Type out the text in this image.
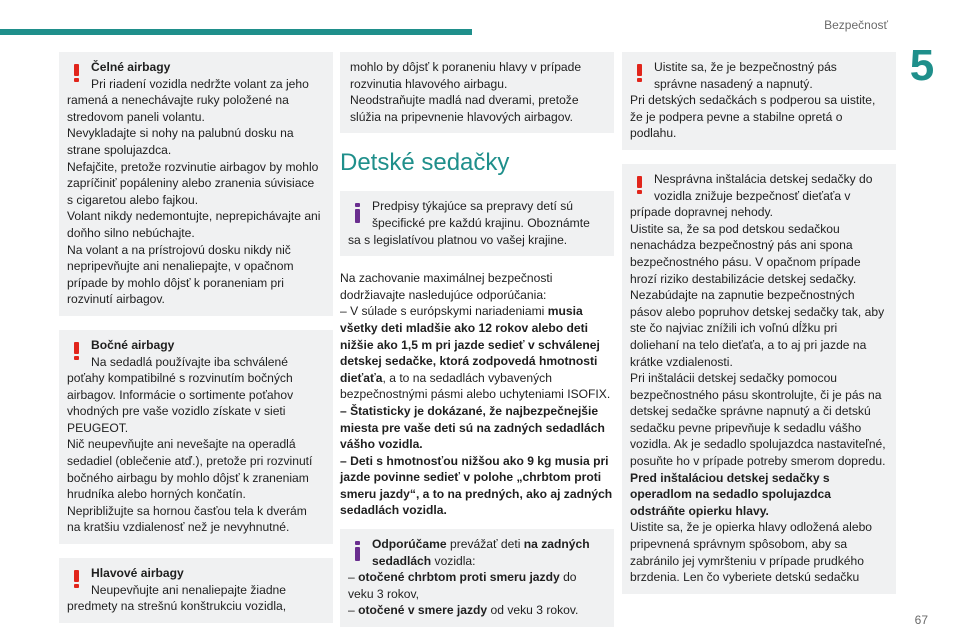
Bezpečnosť
5

Čelné airbagy

Pri riadení vozidla nedržte volant za jeho

ramená a nenechávajte ruky položené na stredovom paneli volantu.
Nevykladajte si nohy na palubnú dosku na strane spolujazdca.
Nefajčite, pretože rozvinutie airbagov by mohlo zapríčiniť popáleniny alebo zranenia súvisiace s cigaretou alebo fajkou.
Volant nikdy nedemontujte, neprepichávajte ani doňho silno nebúchajte.
Na volant a na prístrojovú dosku nikdy nič nepripevňujte ani nenaliepajte, v opačnom prípade by mohlo dôjsť k poraneniam pri rozvinutí airbagov.

Bočné airbagy

Na sedadlá používajte iba schválené

poťahy kompatibilné s rozvinutím bočných airbagov. Informácie o sortimente poťahov vhodných pre vaše vozidlo získate v sieti PEUGEOT.
Nič neupevňujte ani nevešajte na operadlá sedadiel (oblečenie atď.), pretože pri rozvinutí bočného airbagu by mohlo dôjsť k zraneniam hrudníka alebo horných končatín.
Nepribližujte sa hornou časťou tela k dverám na kratšiu vzdialenosť než je nevyhnutné.

Hlavové airbagy

Neupevňujte ani nenaliepajte žiadne

predmety na strešnú konštrukciu vozidla,

mohlo by dôjsť k poraneniu hlavy v prípade rozvinutia hlavového airbagu.
Neodstraňujte madlá nad dverami, pretože slúžia na pripevnenie hlavových airbagov.

Detské sedačky

Predpisy týkajúce sa prepravy detí sú

špecifické pre každú krajinu. Oboznámte

sa s legislatívou platnou vo vašej krajine.

Na zachovanie maximálnej bezpečnosti dodržiavajte nasledujúce odporúčania:

– V súlade s európskymi nariadeniami musia všetky deti mladšie ako 12 rokov alebo deti nižšie ako 1,5 m pri jazde sedieť v schválenej detskej sedačke, ktorá zodpovedá hmotnosti dieťaťa, a to na sedadlách vybavených bezpečnostnými pásmi alebo uchyteniami ISOFIX.

– Štatisticky je dokázané, že najbezpečnejšie miesta pre vaše deti sú na zadných sedadlách vášho vozidla.

– Deti s hmotnosťou nižšou ako 9 kg musia pri jazde povinne sedieť v polohe „chrbtom proti smeru jazdy“, a to na predných, ako aj zadných sedadlách vozidla.

Odporúčame prevážať deti na zadných

sedadlách vozidla:

– otočené chrbtom proti smeru jazdy do veku 3 rokov,

– otočené v smere jazdy od veku 3 rokov.

Uistite sa, že je bezpečnostný pás

správne nasadený a napnutý.

Pri detských sedačkách s podperou sa uistite, že je podpera pevne a stabilne opretá o podlahu.

Nesprávna inštalácia detskej sedačky do

vozidla znižuje bezpečnosť dieťaťa v

prípade dopravnej nehody.
Uistite sa, že sa pod detskou sedačkou nenachádza bezpečnostný pás ani spona bezpečnostného pásu. V opačnom prípade hrozí riziko destabilizácie detskej sedačky.
Nezabúdajte na zapnutie bezpečnostných pásov alebo popruhov detskej sedačky tak, aby ste čo najviac znížili ich voľnú dĺžku pri doliehaní na telo dieťaťa, a to aj pri jazde na krátke vzdialenosti.
Pri inštalácii detskej sedačky pomocou bezpečnostného pásu skontrolujte, či je pás na detskej sedačke správne napnutý a či detskú sedačku pevne pripevňuje k sedadlu vášho vozidla. Ak je sedadlo spolujazdca nastaviteľné, posuňte ho v prípade potreby smerom dopredu.

Pred inštaláciou detskej sedačky s operadlom na sedadlo spolujazdca odstráňte opierku hlavy.

Uistite sa, že je opierka hlavy odložená alebo pripevnená správnym spôsobom, aby sa zabránilo jej vymršteniu v prípade prudkého brzdenia. Len čo vyberiete detskú sedačku

67
